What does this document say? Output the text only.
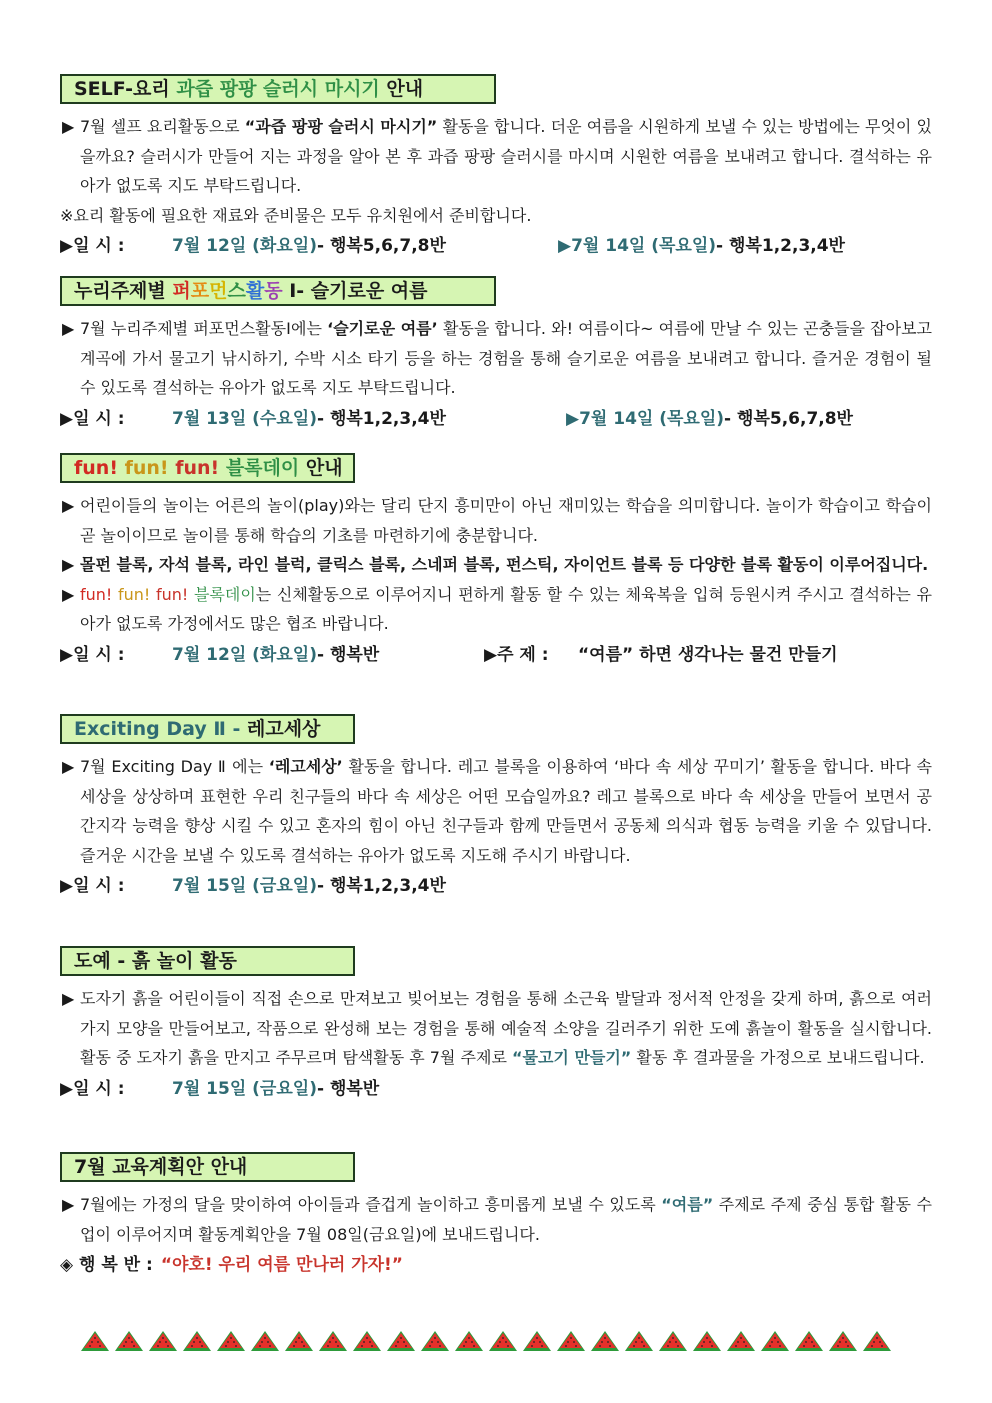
SELF-요리 과즙 팡팡 슬러시 마시기 안내

▶ 7월 셀프 요리활동으로 “과즙 팡팡 슬러시 마시기” 활동을 합니다. 더운 여름을 시원하게 보낼 수 있는 방법에는 무엇이 있을까요? 슬러시가 만들어 지는 과정을 알아 본 후 과즙 팡팡 슬러시를 마시며 시원한 여름을 보내려고 합니다. 결석하는 유아가 없도록 지도 부탁드립니다.

※요리 활동에 필요한 재료와 준비물은 모두 유치원에서 준비합니다.
▶일 시 :	7월 12일 (화요일) - 행복5,6,7,8반	▶7월 14일 (목요일) - 행복1,2,3,4반
누리주제별 퍼포먼스활동 Ⅰ- 슬기로운 여름

▶ 7월 누리주제별 퍼포먼스활동Ⅰ에는 ‘슬기로운 여름’ 활동을 합니다. 와! 여름이다~ 여름에 만날 수 있는 곤충들을 잡아보고 계곡에 가서 물고기 낚시하기, 수박 시소 타기 등을 하는 경험을 통해 슬기로운 여름을 보내려고 합니다. 즐거운 경험이 될 수 있도록 결석하는 유아가 없도록 지도 부탁드립니다.

▶일 시 :	7월 13일 (수요일) - 행복1,2,3,4반	▶7월 14일 (목요일) - 행복5,6,7,8반
fun! fun! fun! 블록데이 안내

▶ 어린이들의 놀이는 어른의 놀이(play)와는 달리 단지 흥미만이 아닌 재미있는 학습을 의미합니다. 놀이가 학습이고 학습이 곧 놀이이므로 놀이를 통해 학습의 기초를 마련하기에 충분합니다.

▶ 몰펀 블록, 자석 블록, 라인 블럭, 클릭스 블록, 스네퍼 블록, 펀스틱, 자이언트 블록 등 다양한 블록 활동이 이루어집니다.

▶ fun! fun! fun! 블록데이는 신체활동으로 이루어지니 편하게 활동 할 수 있는 체육복을 입혀 등원시켜 주시고 결석하는 유아가 없도록 가정에서도 많은 협조 바랍니다.

▶일 시 :	7월 12일 (화요일) - 행복반	▶주 제 :	“여름” 하면 생각나는 물건 만들기
Exciting Day Ⅱ - 레고세상

▶ 7월 Exciting Day Ⅱ 에는 ‘레고세상’ 활동을 합니다. 레고 블록을 이용하여 ‘바다 속 세상 꾸미기’ 활동을 합니다. 바다 속 세상을 상상하며 표현한 우리 친구들의 바다 속 세상은 어떤 모습일까요? 레고 블록으로 바다 속 세상을 만들어 보면서 공간지각 능력을 향상 시킬 수 있고 혼자의 힘이 아닌 친구들과 함께 만들면서 공동체 의식과 협동 능력을 키울 수 있답니다. 즐거운 시간을 보낼 수 있도록 결석하는 유아가 없도록 지도해 주시기 바랍니다.

▶일 시 :	7월 15일 (금요일) - 행복1,2,3,4반
도예 - 흙 놀이 활동

▶ 도자기 흙을 어린이들이 직접 손으로 만져보고 빚어보는 경험을 통해 소근육 발달과 정서적 안정을 갖게 하며, 흙으로 여러 가지 모양을 만들어보고, 작품으로 완성해 보는 경험을 통해 예술적 소양을 길러주기 위한 도예 흙놀이 활동을 실시합니다. 활동 중 도자기 흙을 만지고 주무르며 탐색활동 후 7월 주제로 “물고기 만들기” 활동 후 결과물을 가정으로 보내드립니다.

▶일 시 :	7월 15일 (금요일) - 행복반
7월 교육계획안 안내

▶ 7월에는 가정의 달을 맞이하여 아이들과 즐겁게 놀이하고 흥미롭게 보낼 수 있도록 “여름” 주제로 주제 중심 통합 활동 수업이 이루어지며 활동계획안을 7월 08일(금요일)에 보내드립니다.

◈ 행 복 반 : “야호! 우리 여름 만나러 가자!”
